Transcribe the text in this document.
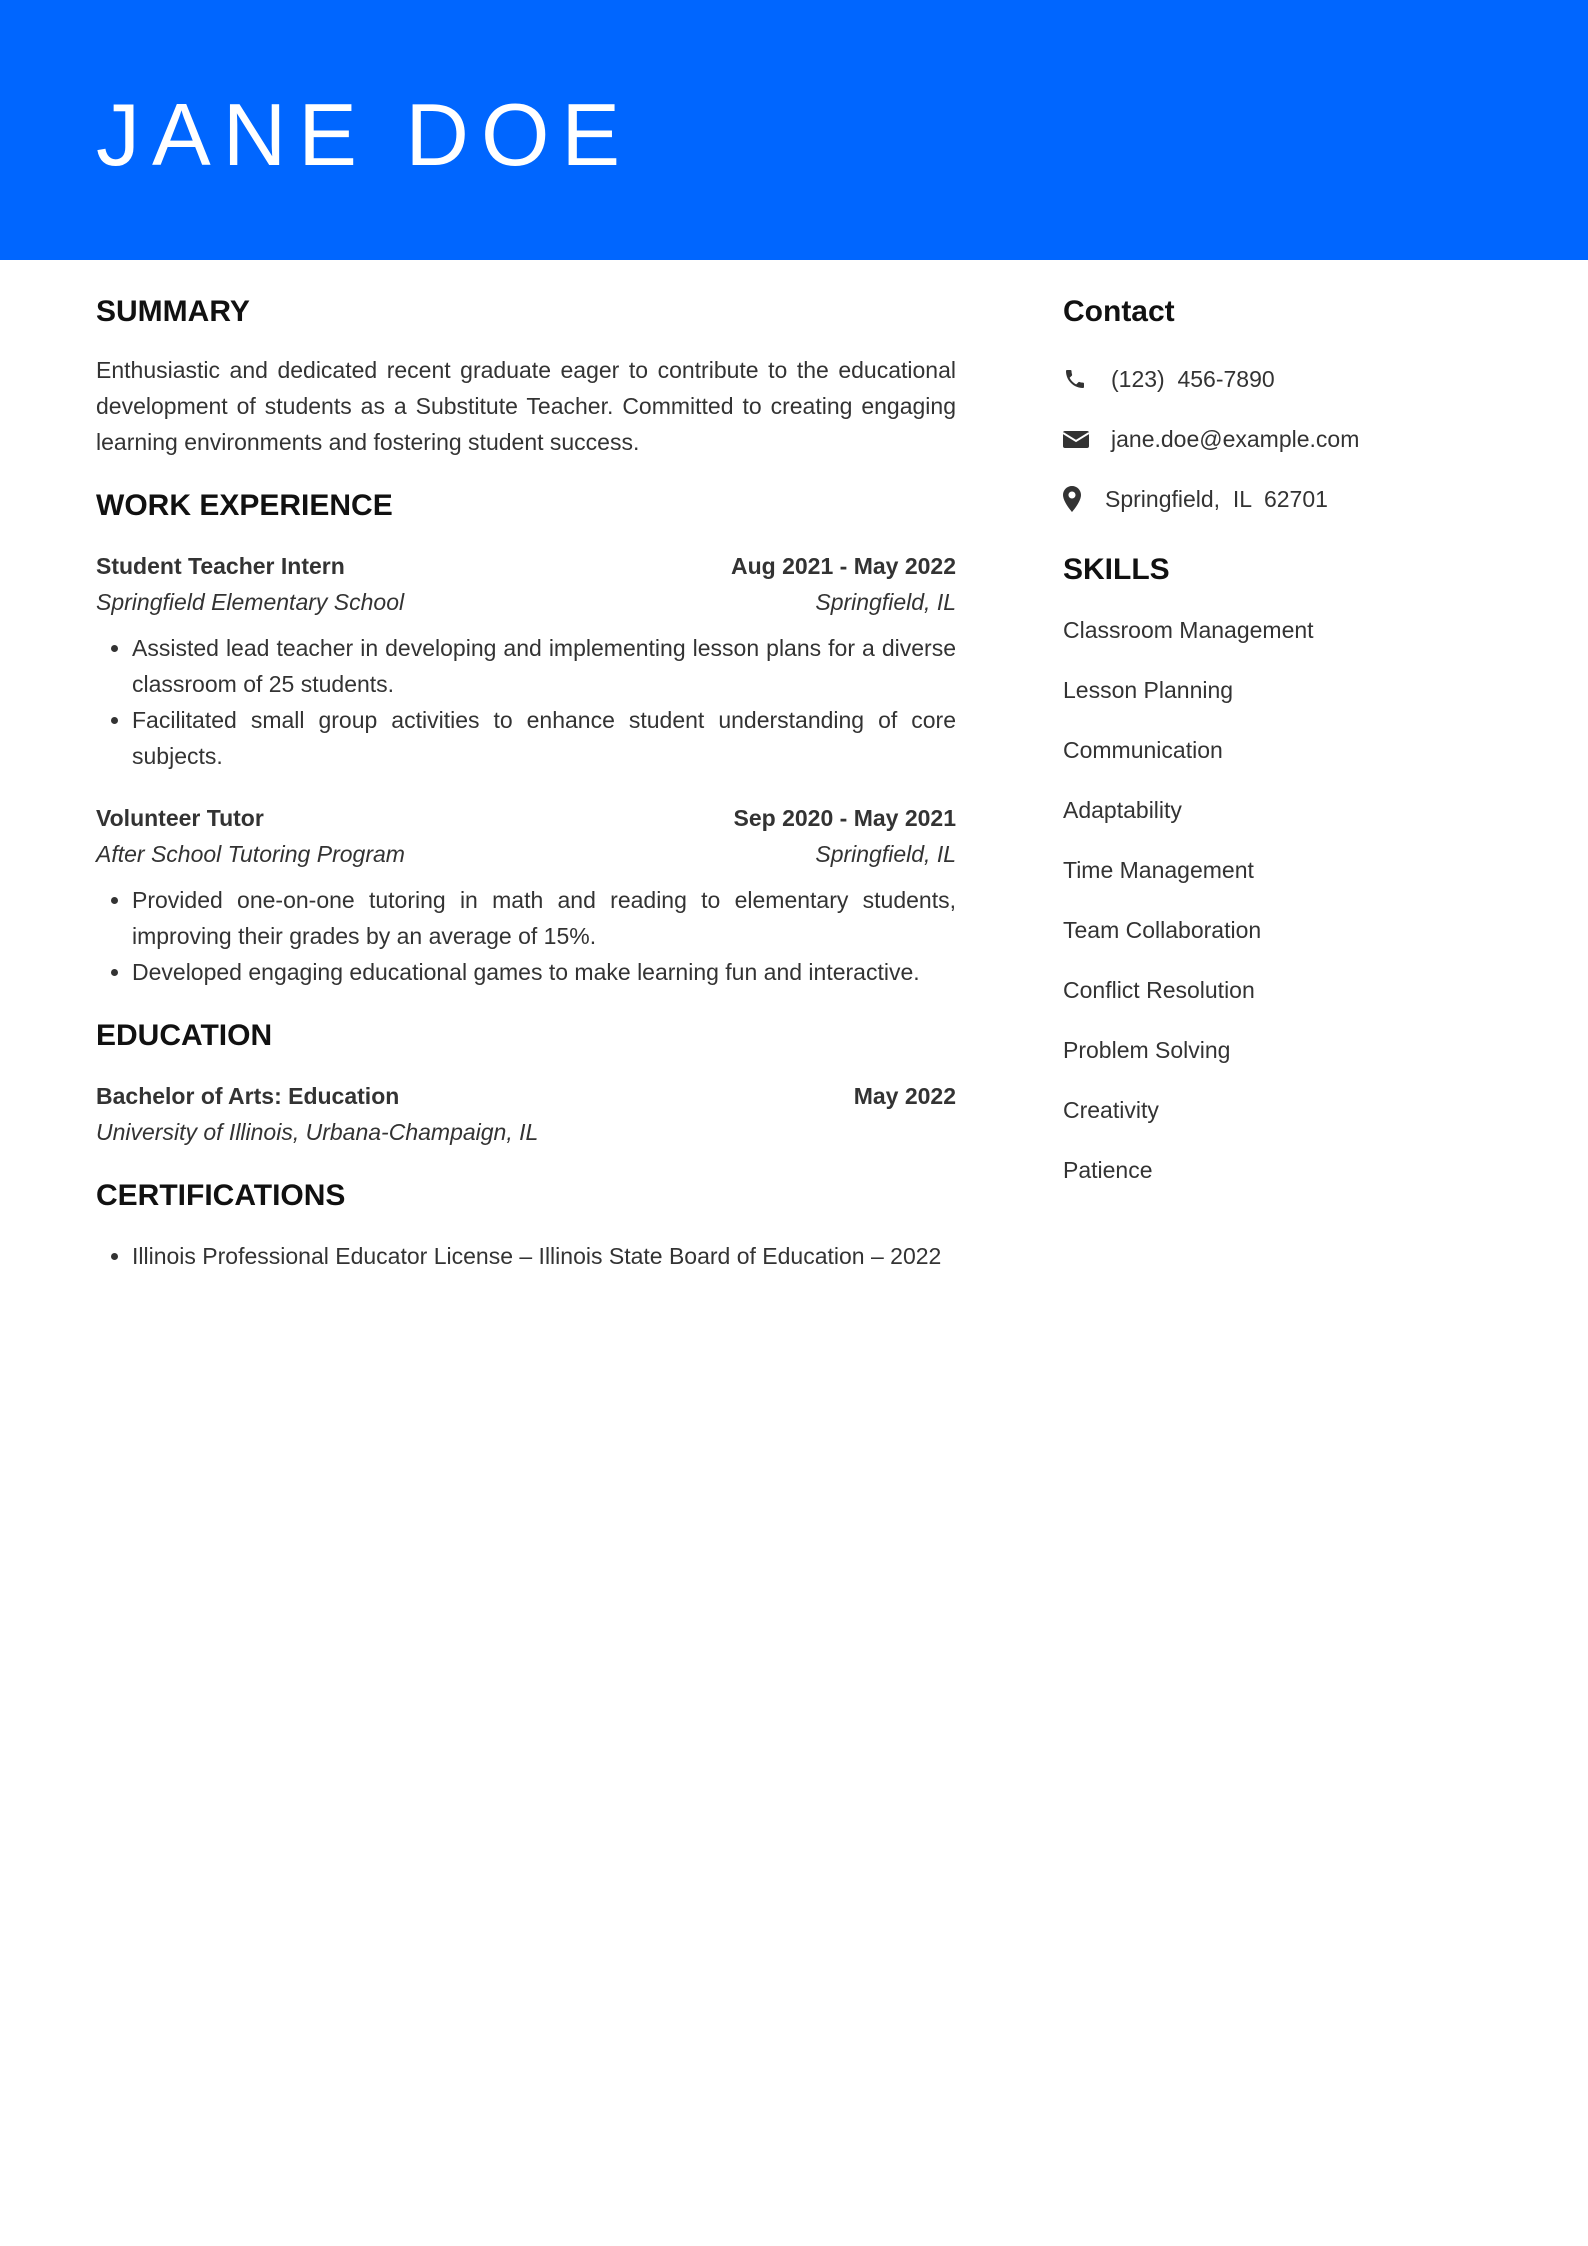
JANE DOE
SUMMARY

Enthusiastic and dedicated recent graduate eager to contribute to the educational development of students as a Substitute Teacher. Committed to creating engaging learning environments and fostering student success.

WORK EXPERIENCE
Student Teacher Intern	Aug 2021 - May 2022
Springfield Elementary School	Springfield, IL
• Assisted lead teacher in developing and implementing lesson plans for a diverse classroom of 25 students.
• Facilitated small group activities to enhance student understanding of core subjects.
Volunteer Tutor	Sep 2020 - May 2021
After School Tutoring Program	Springfield, IL
• Provided one-on-one tutoring in math and reading to elementary students, improving their grades by an average of 15%.
• Developed engaging educational games to make learning fun and interactive.
EDUCATION
Bachelor of Arts: Education	May 2022
University of Illinois, Urbana-Champaign, IL
CERTIFICATIONS
• Illinois Professional Educator License – Illinois State Board of Education – 2022
Contact
(123)  456-7890
jane.doe@example.com
Springfield,  IL  62701
SKILLS
Classroom Management
Lesson Planning
Communication
Adaptability
Time Management
Team Collaboration
Conflict Resolution
Problem Solving
Creativity
Patience
